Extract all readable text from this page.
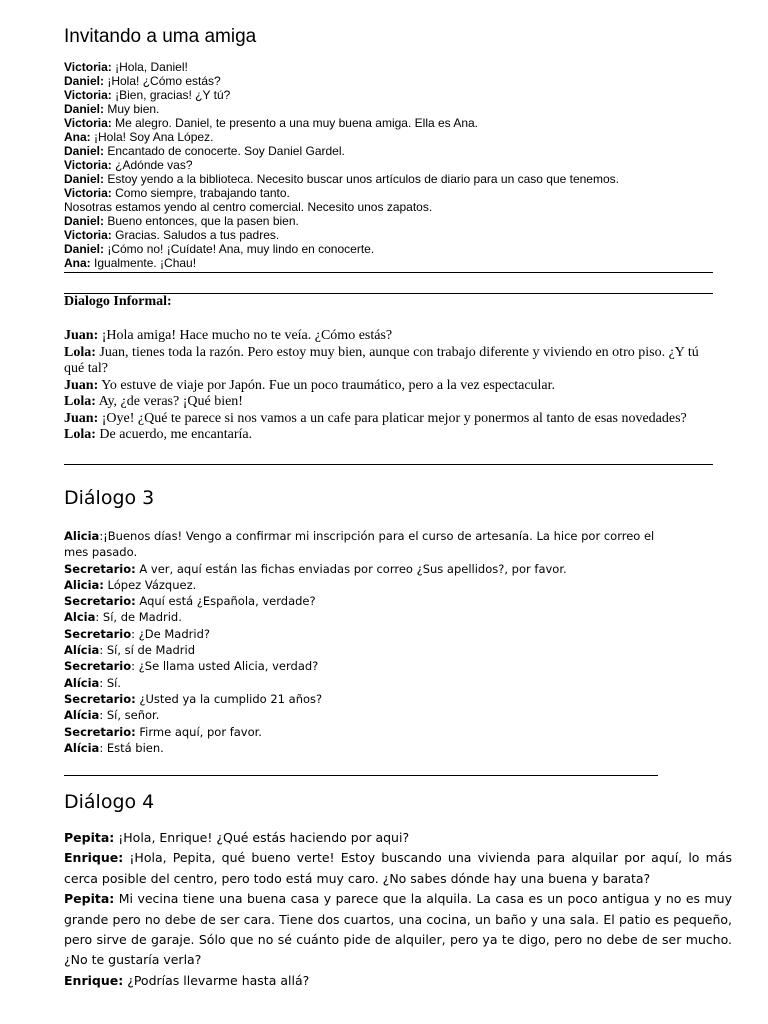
Invitando a uma amiga
Victoria: ¡Hola, Daniel!
Daniel: ¡Hola! ¿Cómo estás?
Victoria: ¡Bien, gracias! ¿Y tú?
Daniel: Muy bien.
Victoria: Me alegro. Daniel, te presento a una muy buena amiga. Ella es Ana.
Ana: ¡Hola! Soy Ana López.
Daniel: Encantado de conocerte. Soy Daniel Gardel.
Victoria: ¿Adónde vas?
Daniel: Estoy yendo a la biblioteca. Necesito buscar unos artículos de diario para un caso que tenemos.
Victoria: Como siempre, trabajando tanto.
Nosotras estamos yendo al centro comercial. Necesito unos zapatos.
Daniel: Bueno entonces, que la pasen bien.
Victoria: Gracias. Saludos a tus padres.
Daniel: ¡Cómo no! ¡Cuídate! Ana, muy lindo en conocerte.
Ana: Igualmente. ¡Chau!
Dialogo Informal:
Juan: ¡Hola amiga! Hace mucho no te veía. ¿Cómo estás?
Lola: Juan, tienes toda la razón. Pero estoy muy bien, aunque con trabajo diferente y viviendo en otro piso. ¿Y tú qué tal?
Juan: Yo estuve de viaje por Japón. Fue un poco traumático, pero a la vez espectacular.
Lola: Ay, ¿de veras? ¡Qué bien!
Juan: ¡Oye! ¿Qué te parece si nos vamos a un cafe para platicar mejor y ponermos al tanto de esas novedades?
Lola: De acuerdo, me encantaría.
Diálogo 3
Alicia:¡Buenos días! Vengo a confirmar mi inscripción para el curso de artesanía. La hice por correo el mes pasado.
Secretario: A ver, aquí están las fichas enviadas por correo ¿Sus apellidos?, por favor.
Alicia: López Vázquez.
Secretario: Aquí está ¿Española, verdade?
Alcia: Sí, de Madrid.
Secretario: ¿De Madrid?
Alícia: Sí, sí de Madrid
Secretario: ¿Se llama usted Alicia, verdad?
Alícia: Sí.
Secretario: ¿Usted ya la cumplido 21 años?
Alícia: Sí, señor.
Secretario: Firme aquí, por favor.
Alícia: Está bien.
Diálogo 4
Pepita: ¡Hola, Enrique! ¿Qué estás haciendo por aqui?
Enrique: ¡Hola, Pepita, qué bueno verte! Estoy buscando una vivienda para alquilar por aquí, lo más cerca posible del centro, pero todo está muy caro. ¿No sabes dónde hay una buena y barata?
Pepita: Mi vecina tiene una buena casa y parece que la alquila. La casa es un poco antigua y no es muy grande pero no debe de ser cara. Tiene dos cuartos, una cocina, un baño y una sala. El patio es pequeño, pero sirve de garaje. Sólo que no sé cuánto pide de alquiler, pero ya te digo, pero no debe de ser mucho. ¿No te gustaría verla?
Enrique: ¿Podrías llevarme hasta allá?
